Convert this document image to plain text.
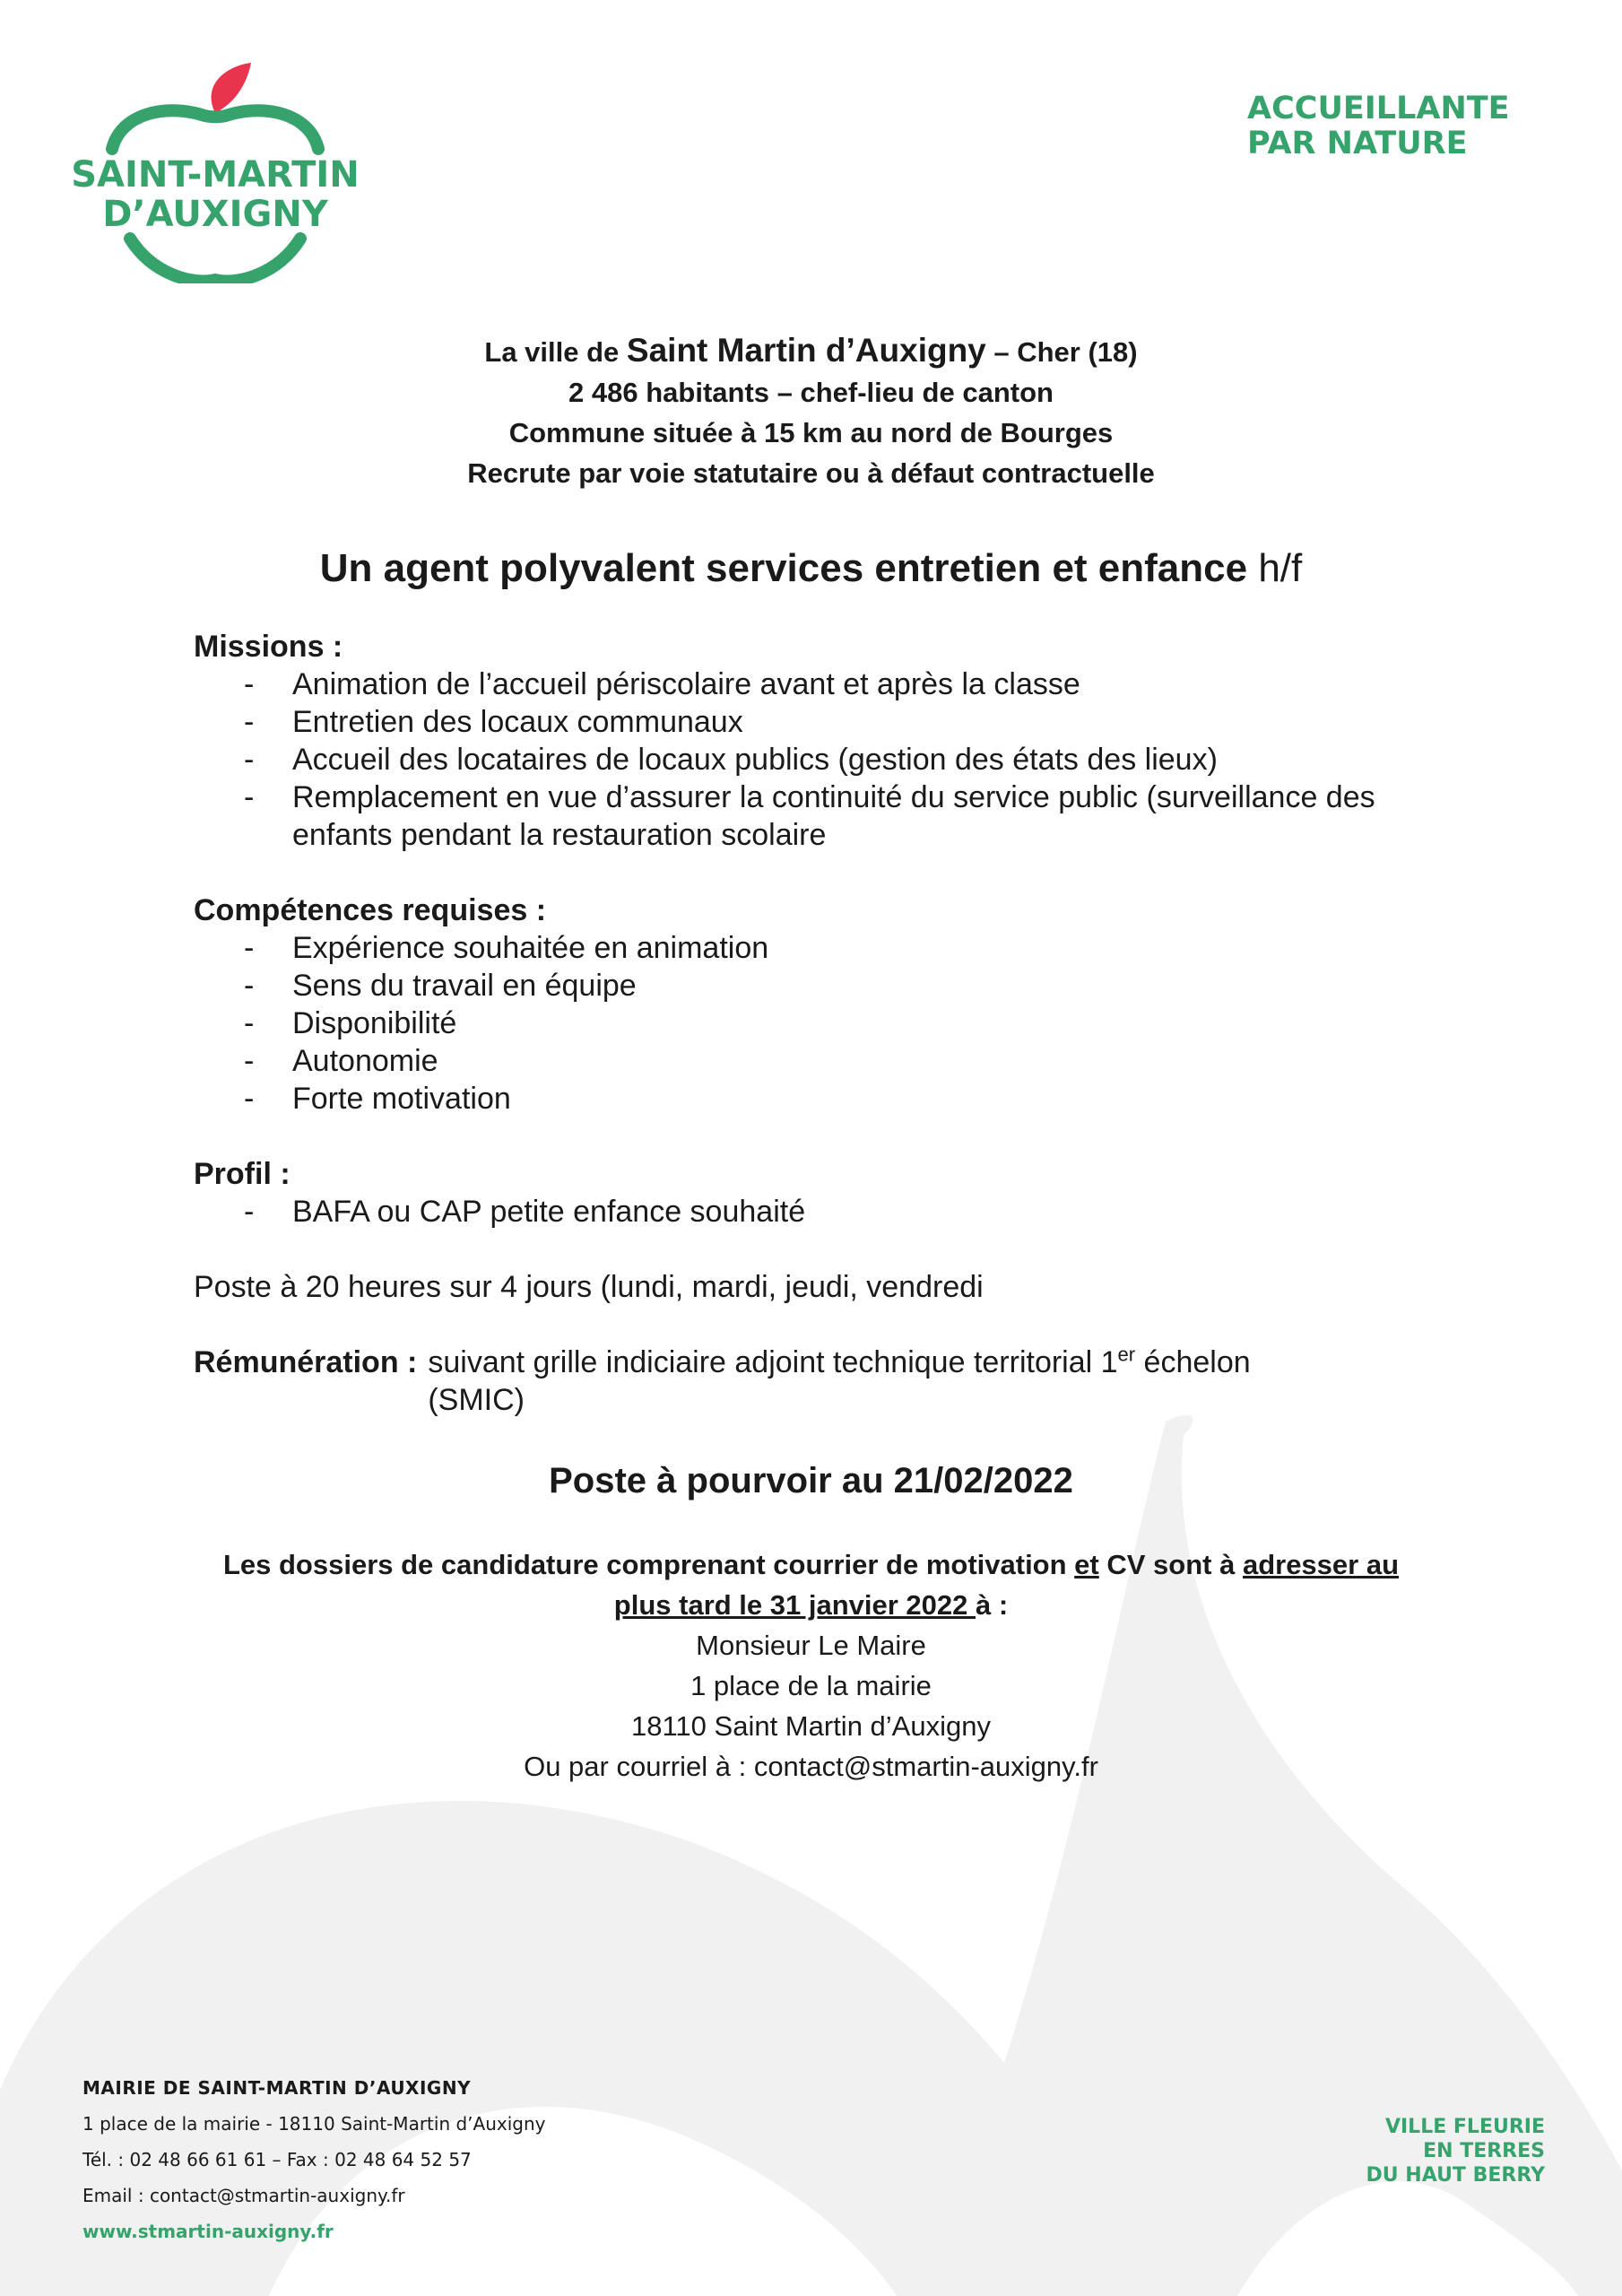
SAINT-MARTIN
D’AUXIGNY
ACCUEILLANTE
PAR NATURE
La ville de Saint Martin d’Auxigny – Cher (18)
2 486 habitants – chef-lieu de canton
Commune située à 15 km au nord de Bourges
Recrute par voie statutaire ou à défaut contractuelle
Un agent polyvalent services entretien et enfance h/f
Missions :
- Animation de l’accueil périscolaire avant et après la classe
- Entretien des locaux communaux
- Accueil des locataires de locaux publics (gestion des états des lieux)
- Remplacement en vue d’assurer la continuité du service public (surveillance des enfants pendant la restauration scolaire
Compétences requises :
- Expérience souhaitée en animation
- Sens du travail en équipe
- Disponibilité
- Autonomie
- Forte motivation
Profil :
- BAFA ou CAP petite enfance souhaité
Poste à 20 heures sur 4 jours (lundi, mardi, jeudi, vendredi
Rémunération : suivant grille indiciaire adjoint technique territorial 1er échelon
(SMIC)
Poste à pourvoir au 21/02/2022
Les dossiers de candidature comprenant courrier de motivation et CV sont à adresser au
plus tard le 31 janvier 2022 à :
Monsieur Le Maire
1 place de la mairie
18110 Saint Martin d’Auxigny
Ou par courriel à : contact@stmartin-auxigny.fr
MAIRIE DE SAINT-MARTIN D’AUXIGNY
1 place de la mairie - 18110 Saint-Martin d’Auxigny
Tél. : 02 48 66 61 61 – Fax : 02 48 64 52 57
Email : contact@stmartin-auxigny.fr
www.stmartin-auxigny.fr
VILLE FLEURIE
EN TERRES
DU HAUT BERRY
